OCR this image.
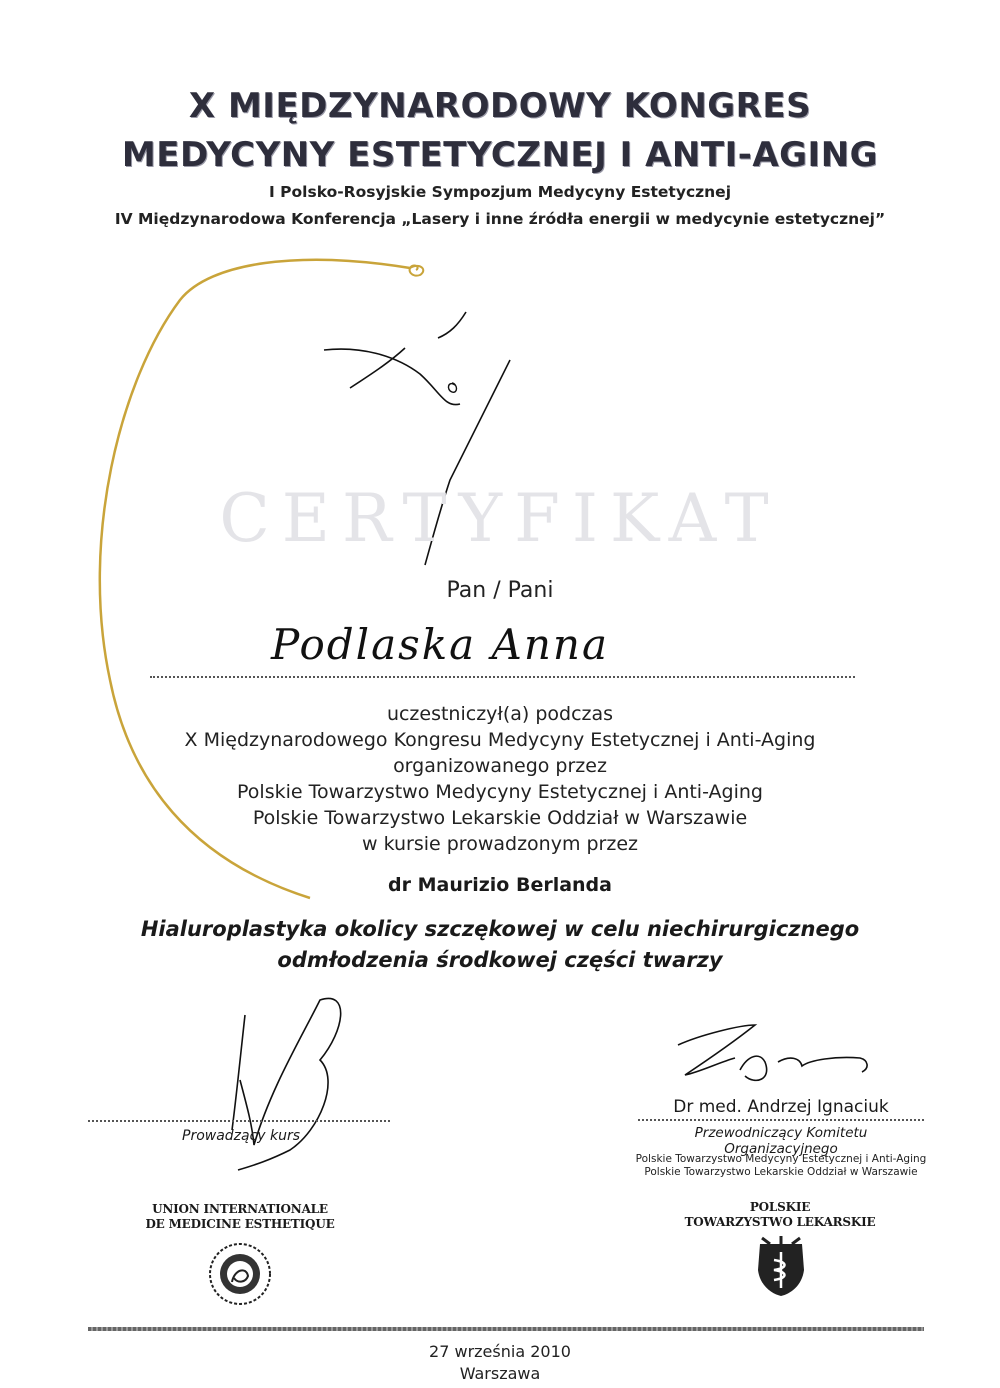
X MIĘDZYNARODOWY KONGRES
MEDYCYNY ESTETYCZNEJ I ANTI-AGING
I Polsko-Rosyjskie Sympozjum Medycyny Estetycznej
IV Międzynarodowa Konferencja „Lasery i inne źródła energii w medycynie estetycznej”
CERTYFIKAT
Pan / Pani
Podlaska Anna
uczestniczył(a) podczas
X Międzynarodowego Kongresu Medycyny Estetycznej i Anti-Aging
organizowanego przez
Polskie Towarzystwo Medycyny Estetycznej i Anti-Aging
Polskie Towarzystwo Lekarskie Oddział w Warszawie
w kursie prowadzonym przez
dr Maurizio Berlanda
Hialuroplastyka okolicy szczękowej w celu niechirurgicznego
odmłodzenia środkowej części twarzy
Prowadzący kurs
Dr med. Andrzej Ignaciuk
Przewodniczący Komitetu Organizacyjnego
Polskie Towarzystwo Medycyny Estetycznej i Anti-Aging
Polskie Towarzystwo Lekarskie Oddział w Warszawie
UNION INTERNATIONALE
DE MEDICINE ESTHETIQUE
POLSKIE
TOWARZYSTWO LEKARSKIE
27 września 2010
Warszawa
